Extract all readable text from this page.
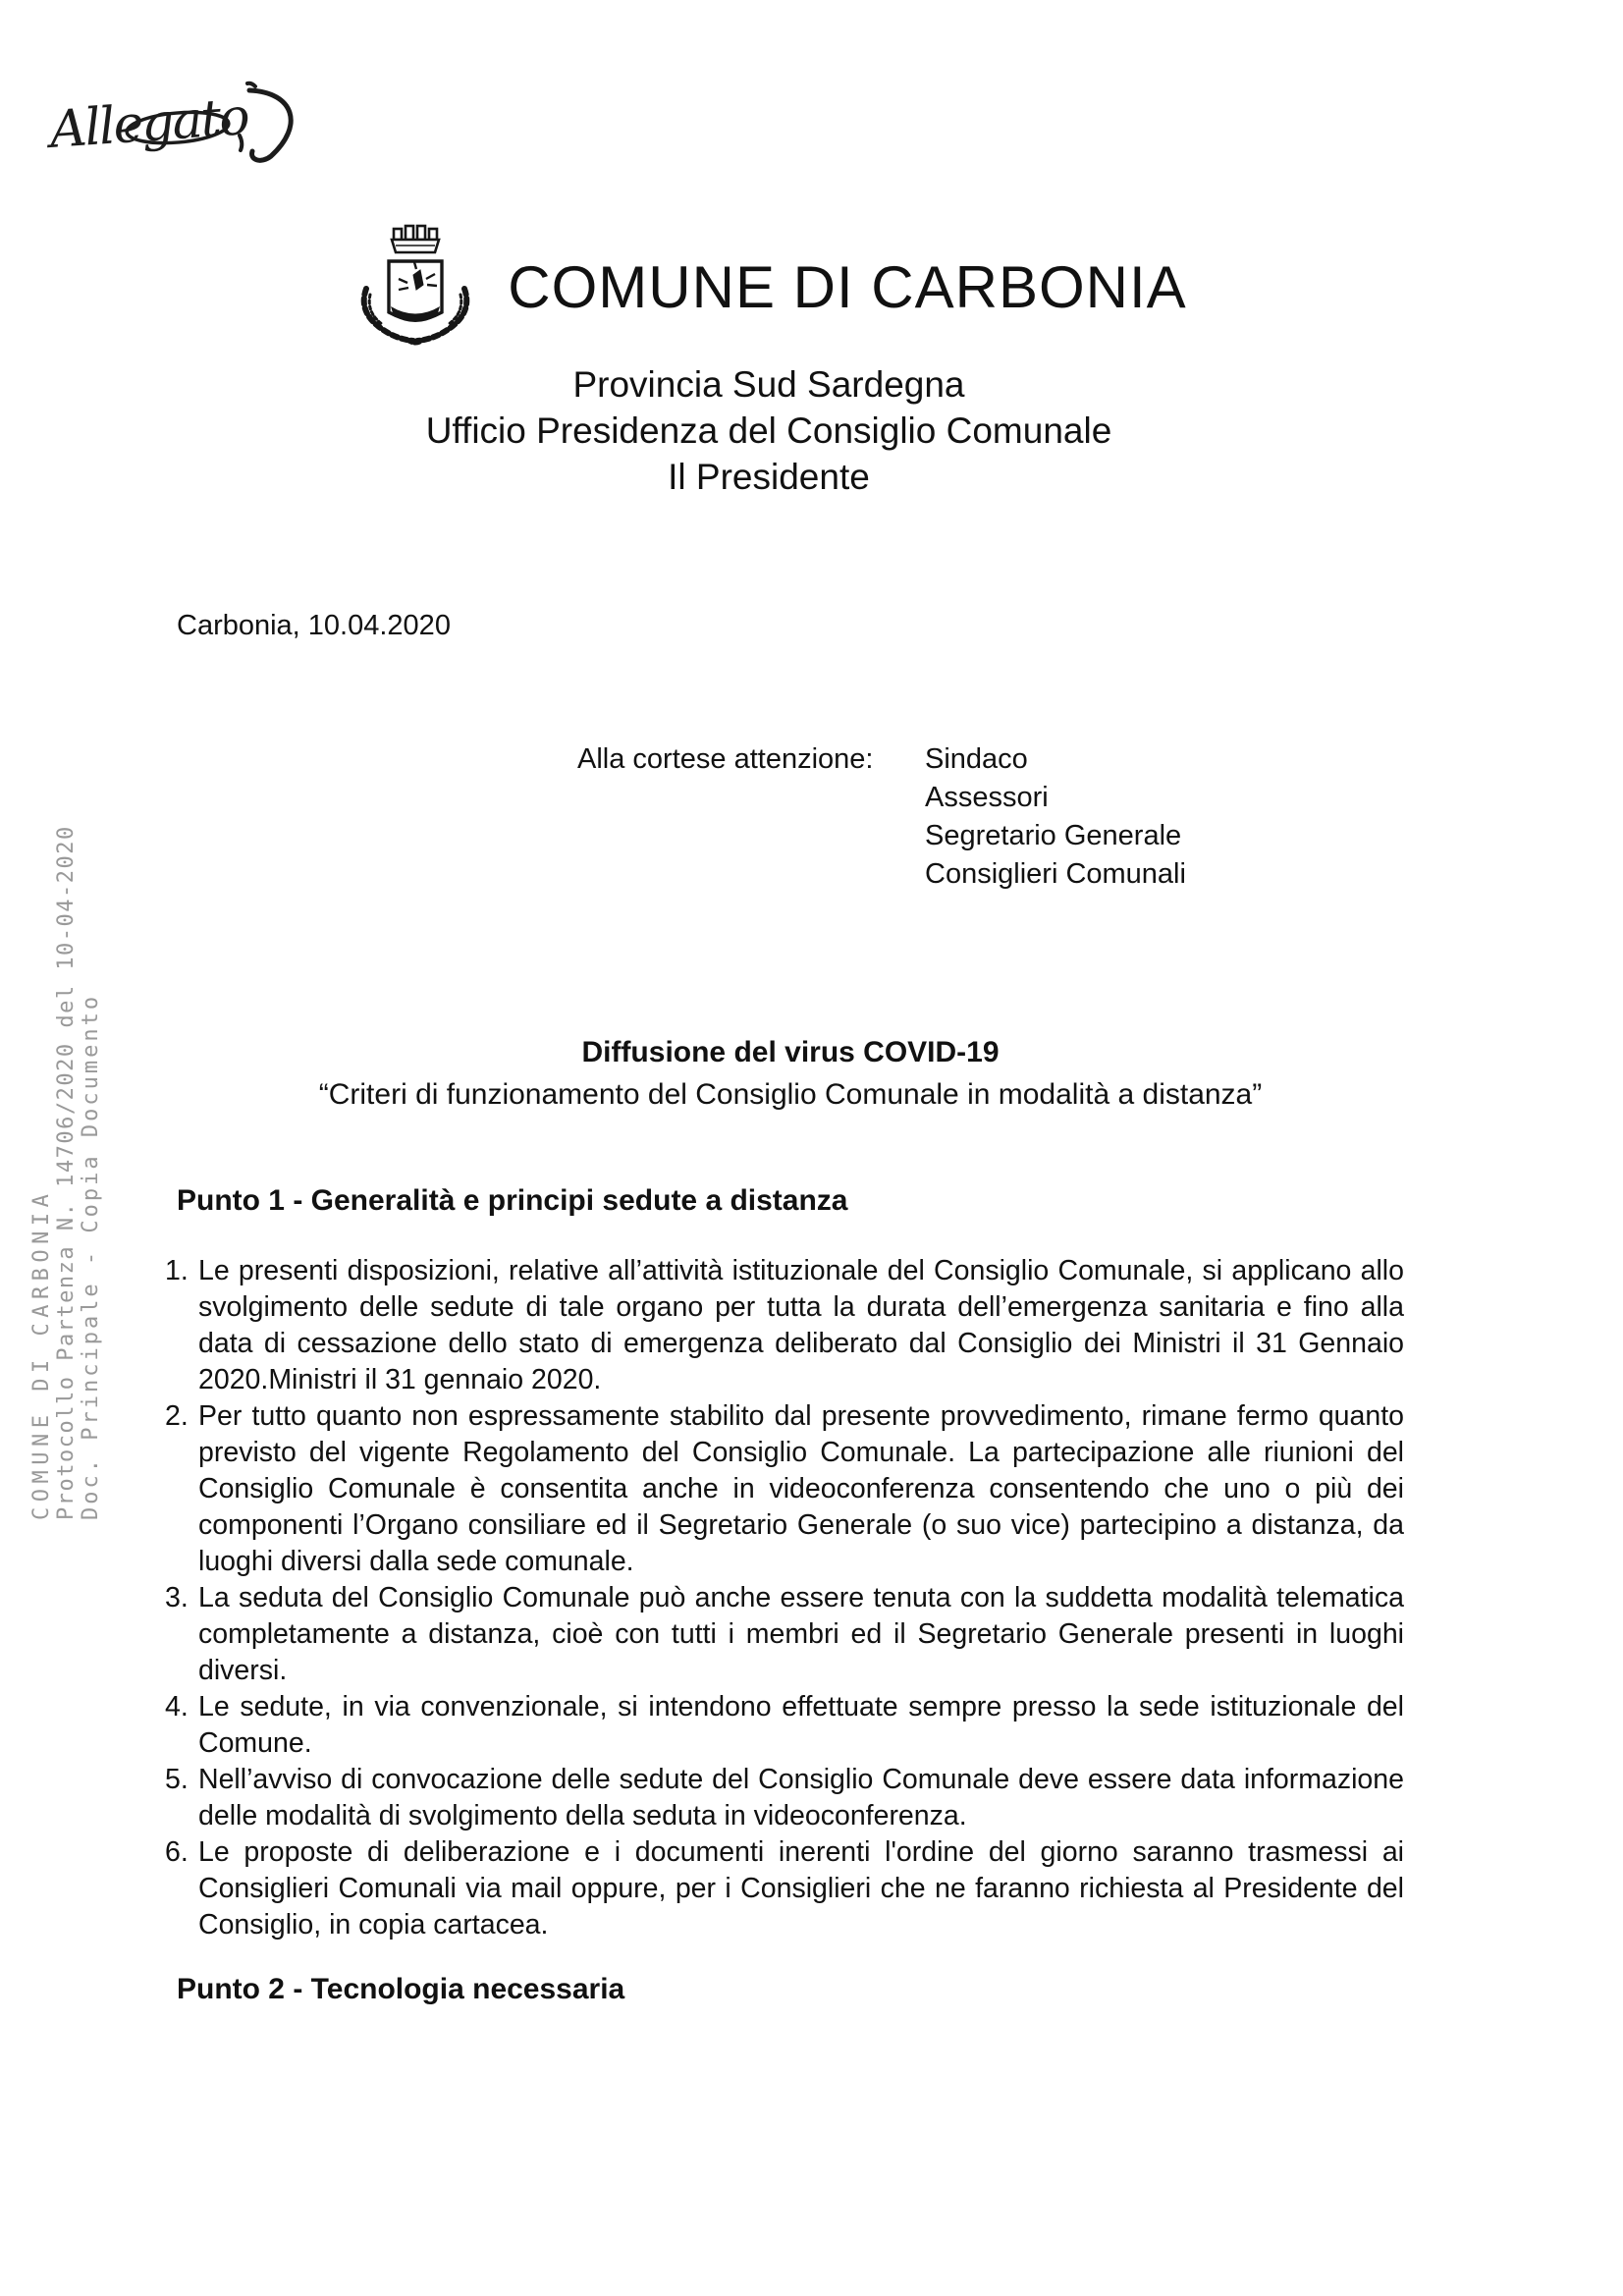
Allegato
COMUNE DI CARBONIA Protocollo Partenza N. 14706/2020 del 10-04-2020 Doc. Principale - Copia Documento
COMUNE DI CARBONIA
Provincia Sud Sardegna
Ufficio Presidenza del Consiglio Comunale
Il Presidente
Carbonia, 10.04.2020
Alla cortese attenzione: Sindaco
Assessori
Segretario Generale
Consiglieri Comunali
Diffusione del virus COVID-19
“Criteri di funzionamento del Consiglio Comunale in modalità a distanza”
Punto 1 - Generalità e principi sedute a distanza
1. Le presenti disposizioni, relative all’attività istituzionale del Consiglio Comunale, si applicano allo svolgimento delle sedute di tale organo per tutta la durata dell’emergenza sanitaria e fino alla data di cessazione dello stato di emergenza deliberato dal Consiglio dei Ministri il 31 Gennaio 2020.Ministri il 31 gennaio 2020.
2. Per tutto quanto non espressamente stabilito dal presente provvedimento, rimane fermo quanto previsto del vigente Regolamento del Consiglio Comunale. La partecipazione alle riunioni del Consiglio Comunale è consentita anche in videoconferenza consentendo che uno o più dei componenti l’Organo consiliare ed il Segretario Generale (o suo vice) partecipino a distanza, da luoghi diversi dalla sede comunale.
3. La seduta del Consiglio Comunale può anche essere tenuta con la suddetta modalità telematica completamente a distanza, cioè con tutti i membri ed il Segretario Generale presenti in luoghi diversi.
4. Le sedute, in via convenzionale, si intendono effettuate sempre presso la sede istituzionale del Comune.
5. Nell’avviso di convocazione delle sedute del Consiglio Comunale deve essere data informazione delle modalità di svolgimento della seduta in videoconferenza.
6. Le proposte di deliberazione e i documenti inerenti l'ordine del giorno saranno trasmessi ai Consiglieri Comunali via mail oppure, per i Consiglieri che ne faranno richiesta al Presidente del Consiglio, in copia cartacea.
Punto 2 - Tecnologia necessaria
